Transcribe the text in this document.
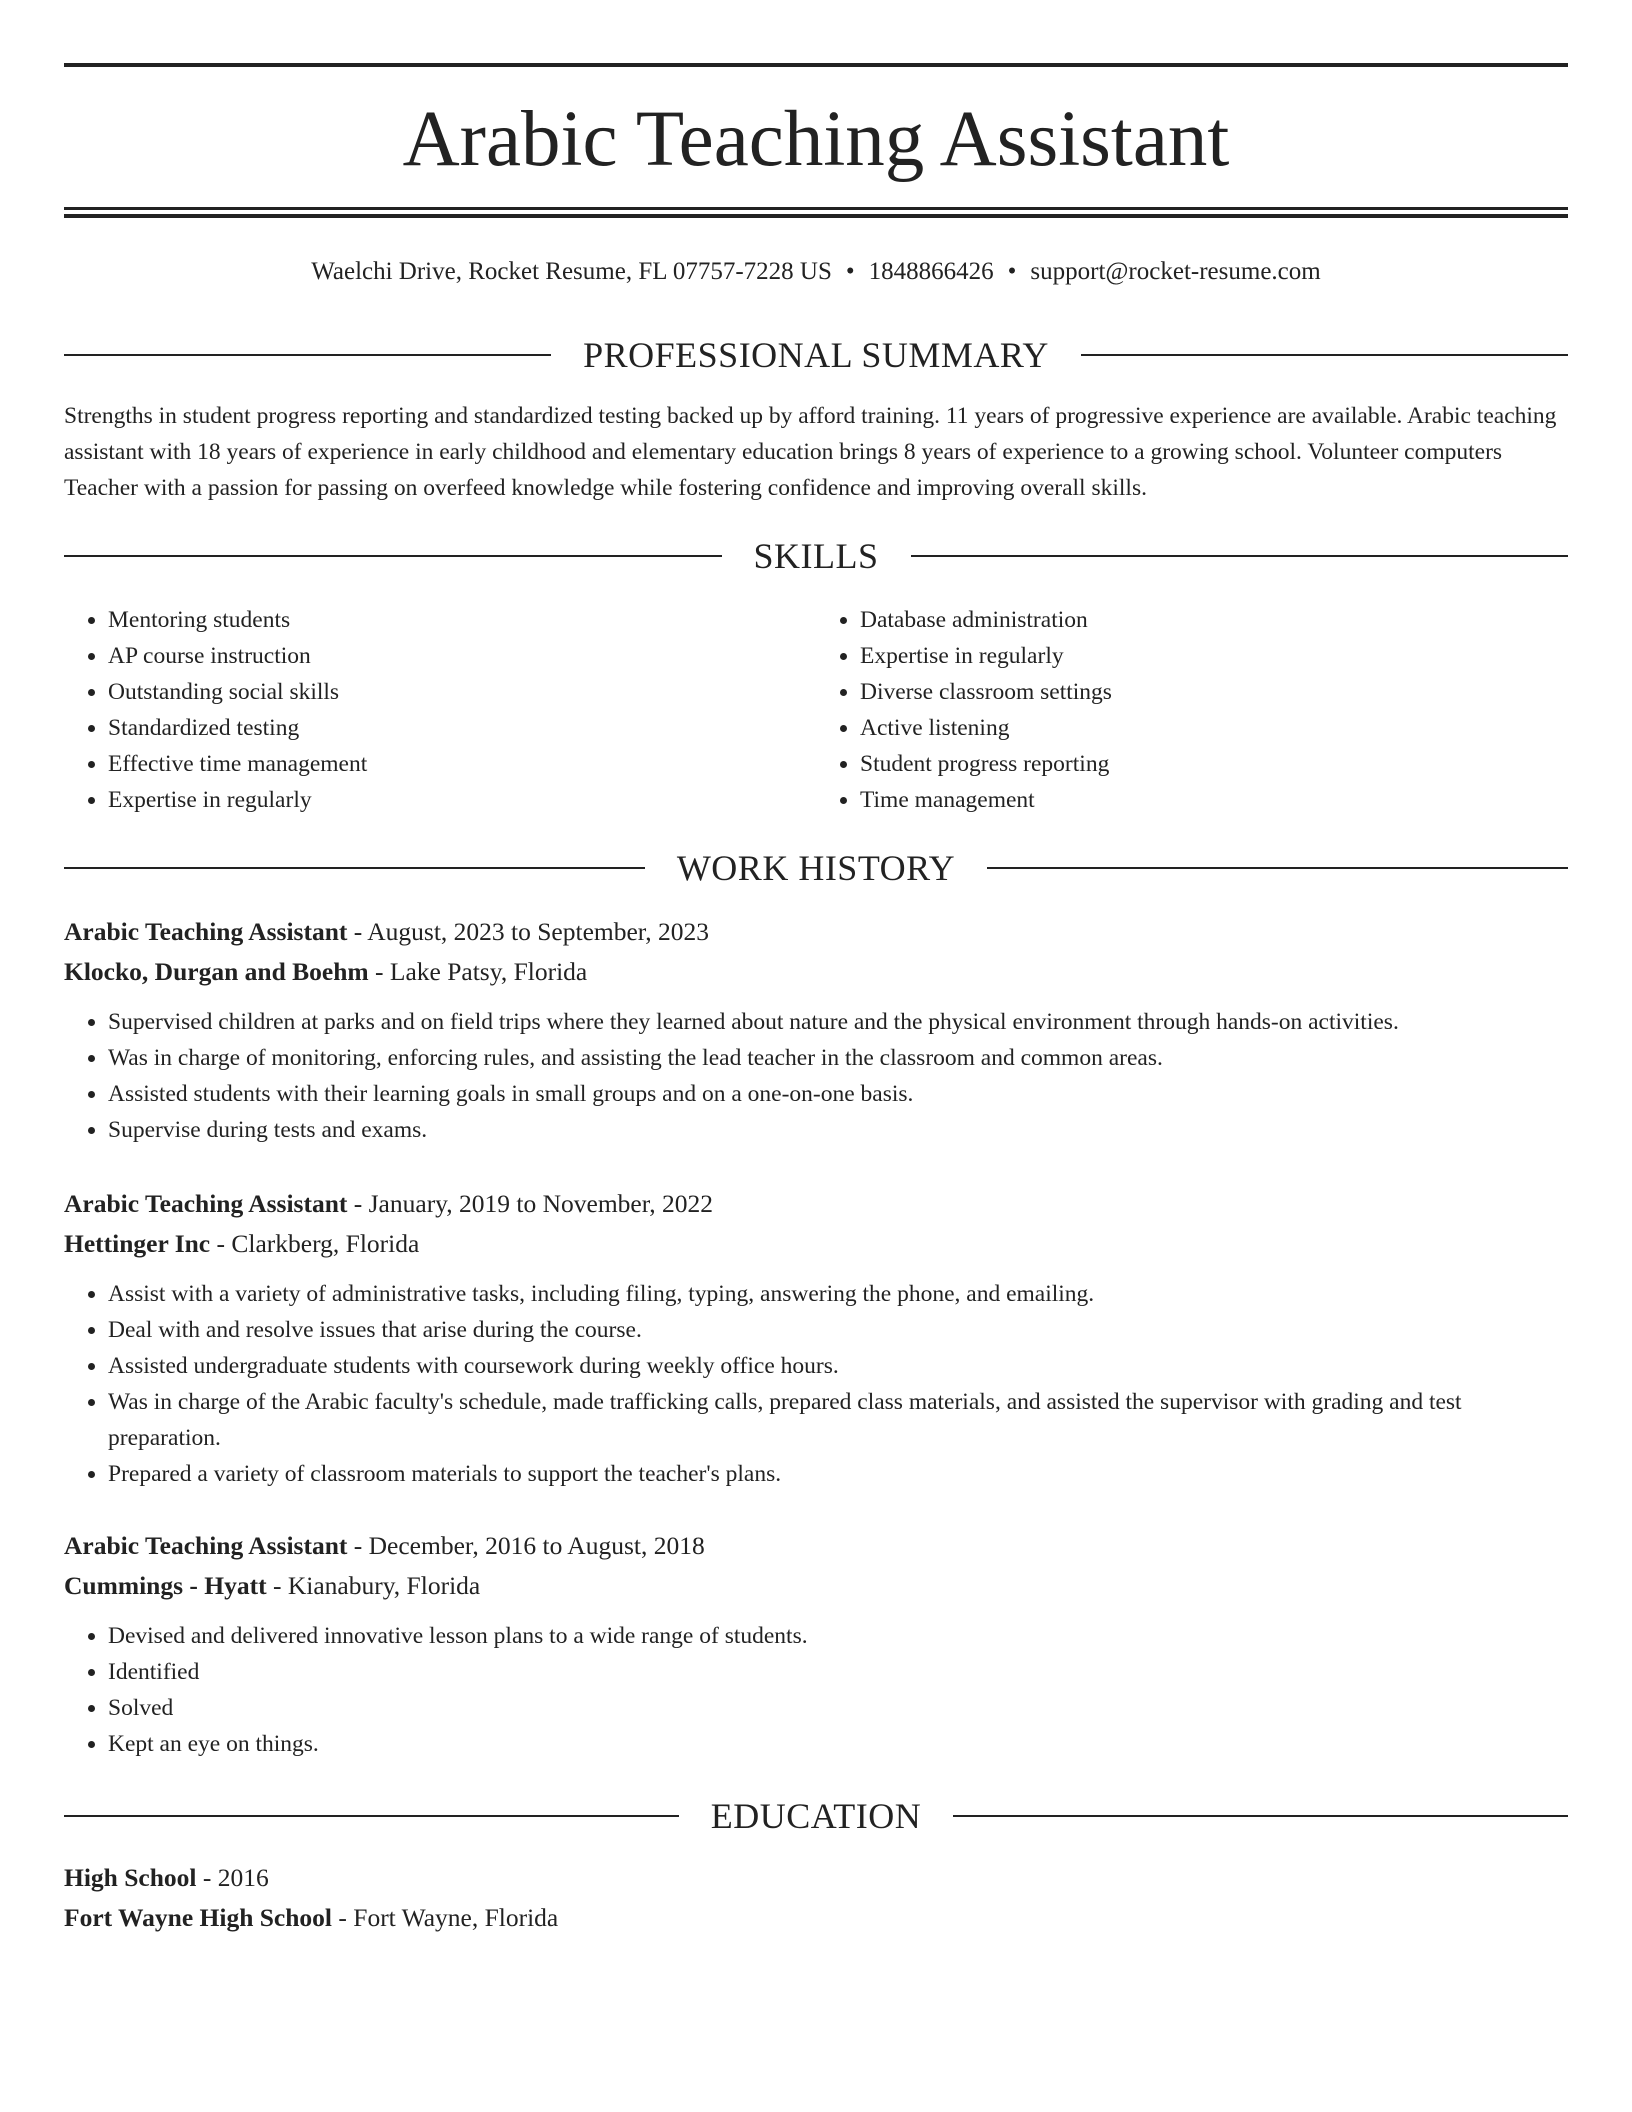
Arabic Teaching Assistant
Waelchi Drive, Rocket Resume, FL 07757-7228 US • 1848866426 • support@rocket-resume.com
PROFESSIONAL SUMMARY

Strengths in student progress reporting and standardized testing backed up by afford training. 11 years of progressive experience are available. Arabic teaching assistant with 18 years of experience in early childhood and elementary education brings 8 years of experience to a growing school. Volunteer computers Teacher with a passion for passing on overfeed knowledge while fostering confidence and improving overall skills.

SKILLS
• Mentoring students
• AP course instruction
• Outstanding social skills
• Standardized testing
• Effective time management
• Expertise in regularly
• Database administration
• Expertise in regularly
• Diverse classroom settings
• Active listening
• Student progress reporting
• Time management
WORK HISTORY
Arabic Teaching Assistant - August, 2023 to September, 2023
Klocko, Durgan and Boehm - Lake Patsy, Florida
• Supervised children at parks and on field trips where they learned about nature and the physical environment through hands-on activities.
• Was in charge of monitoring, enforcing rules, and assisting the lead teacher in the classroom and common areas.
• Assisted students with their learning goals in small groups and on a one-on-one basis.
• Supervise during tests and exams.
Arabic Teaching Assistant - January, 2019 to November, 2022
Hettinger Inc - Clarkberg, Florida
• Assist with a variety of administrative tasks, including filing, typing, answering the phone, and emailing.
• Deal with and resolve issues that arise during the course.
• Assisted undergraduate students with coursework during weekly office hours.
• Was in charge of the Arabic faculty's schedule, made trafficking calls, prepared class materials, and assisted the supervisor with grading and test preparation.
• Prepared a variety of classroom materials to support the teacher's plans.
Arabic Teaching Assistant - December, 2016 to August, 2018
Cummings - Hyatt - Kianabury, Florida
• Devised and delivered innovative lesson plans to a wide range of students.
• Identified
• Solved
• Kept an eye on things.
EDUCATION
High School - 2016
Fort Wayne High School - Fort Wayne, Florida
